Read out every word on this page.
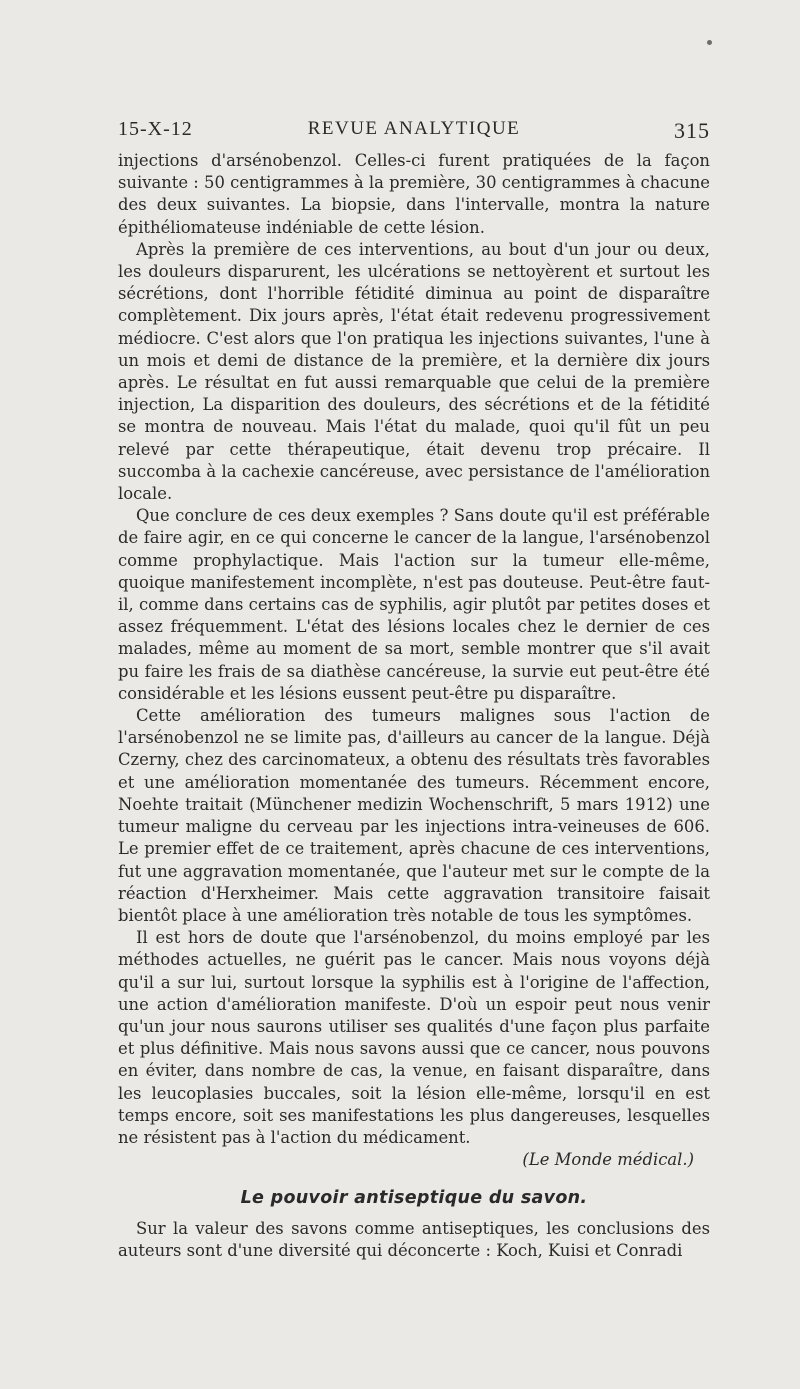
15-X-12	REVUE ANALYTIQUE	315

injections d'arsénobenzol. Celles-ci furent pratiquées de la façon suivante : 50 centigrammes à la première, 30 centigrammes à chacune des deux suivantes. La biopsie, dans l'intervalle, montra la nature épithéliomateuse indéniable de cette lésion.

Après la première de ces interventions, au bout d'un jour ou deux, les douleurs disparurent, les ulcérations se nettoyèrent et surtout les sécrétions, dont l'horrible fétidité diminua au point de disparaître complètement. Dix jours après, l'état était redevenu progressivement médiocre. C'est alors que l'on pratiqua les injections suivantes, l'une à un mois et demi de distance de la première, et la dernière dix jours après. Le résultat en fut aussi remarquable que celui de la première injection, La disparition des douleurs, des sécrétions et de la fétidité se montra de nouveau. Mais l'état du malade, quoi qu'il fût un peu relevé par cette thérapeutique, était devenu trop précaire. Il succomba à la cachexie cancéreuse, avec persistance de l'amélioration locale.

Que conclure de ces deux exemples ? Sans doute qu'il est préférable de faire agir, en ce qui concerne le cancer de la langue, l'arsénobenzol comme prophylactique. Mais l'action sur la tumeur elle-même, quoique manifestement incomplète, n'est pas douteuse. Peut-être faut-il, comme dans certains cas de syphilis, agir plutôt par petites doses et assez fréquemment. L'état des lésions locales chez le dernier de ces malades, même au moment de sa mort, semble montrer que s'il avait pu faire les frais de sa diathèse cancéreuse, la survie eut peut-être été considérable et les lésions eussent peut-être pu disparaître.

Cette amélioration des tumeurs malignes sous l'action de l'arsénobenzol ne se limite pas, d'ailleurs au cancer de la langue. Déjà Czerny, chez des carcinomateux, a obtenu des résultats très favorables et une amélioration momentanée des tumeurs. Récemment encore, Noehte traitait (Münchener medizin Wochenschrift, 5 mars 1912) une tumeur maligne du cerveau par les injections intra-veineuses de 606. Le premier effet de ce traitement, après chacune de ces interventions, fut une aggravation momentanée, que l'auteur met sur le compte de la réaction d'Herxheimer. Mais cette aggravation transitoire faisait bientôt place à une amélioration très notable de tous les symptômes.

Il est hors de doute que l'arsénobenzol, du moins employé par les méthodes actuelles, ne guérit pas le cancer. Mais nous voyons déjà qu'il a sur lui, surtout lorsque la syphilis est à l'origine de l'affection, une action d'amélioration manifeste. D'où un espoir peut nous venir qu'un jour nous saurons utiliser ses qualités d'une façon plus parfaite et plus définitive. Mais nous savons aussi que ce cancer, nous pouvons en éviter, dans nombre de cas, la venue, en faisant disparaître, dans les leucoplasies buccales, soit la lésion elle-même, lorsqu'il en est temps encore, soit ses manifestations les plus dangereuses, lesquelles ne résistent pas à l'action du médicament.

(Le Monde médical.)

Le pouvoir antiseptique du savon.

Sur la valeur des savons comme antiseptiques, les conclusions des auteurs sont d'une diversité qui déconcerte : Koch, Kuisi et Conradi
